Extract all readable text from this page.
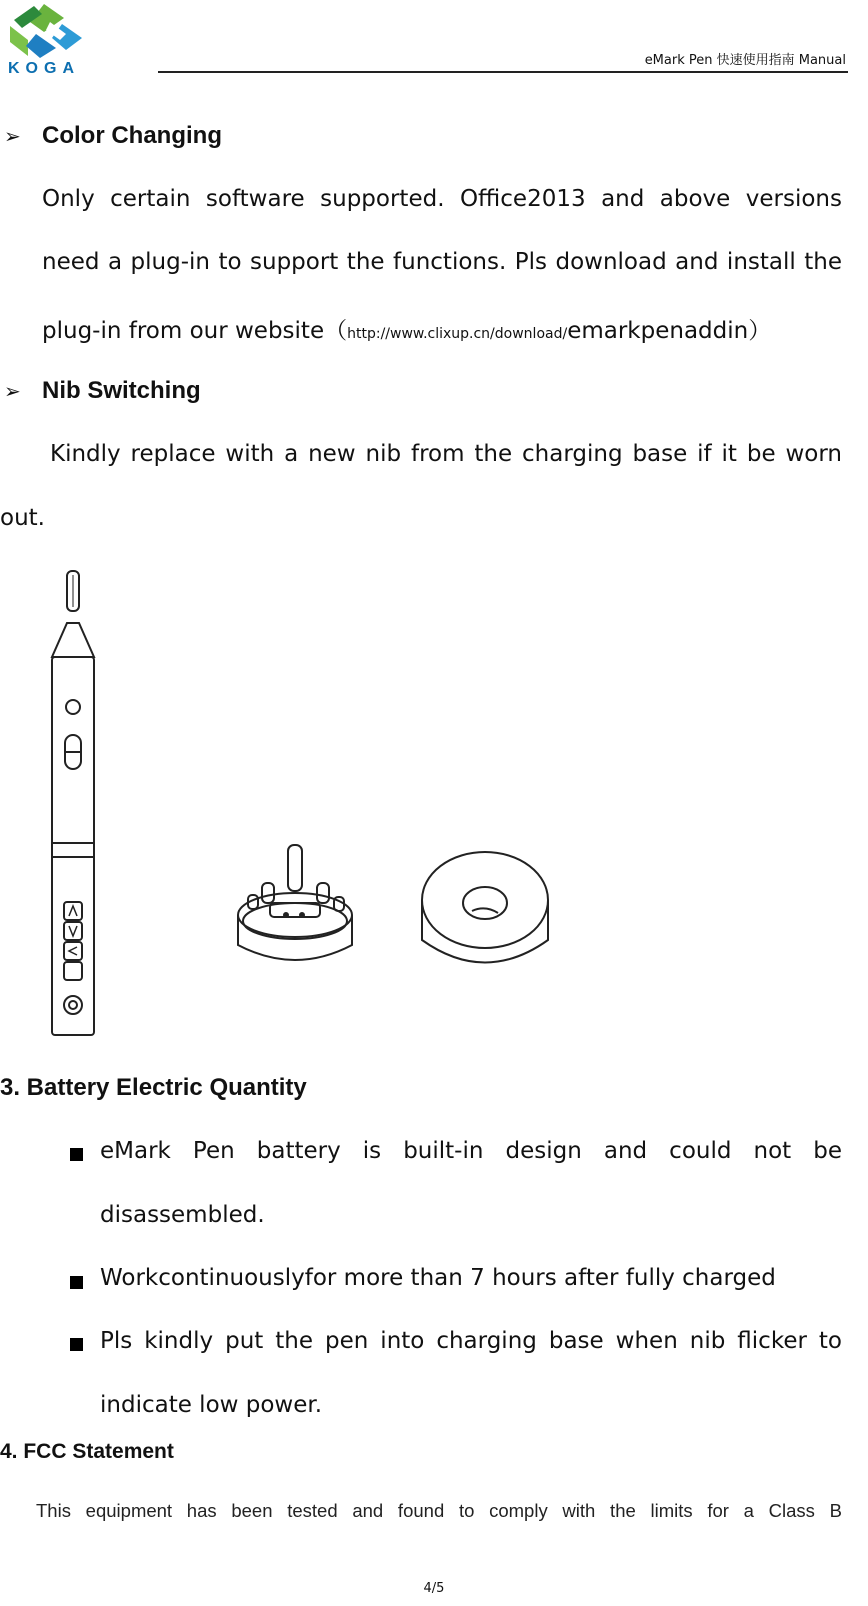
KOGA	eMark Pen 快速使用指南 Manual
➢ Color Changing
Only certain software supported. Office2013 and above versions
need a plug-in to support the functions. Pls download and install the
plug-in from our website（http://www.clixup.cn/download/emarkpenaddin）
➢ Nib Switching
Kindly replace with a new nib from the charging base if it be worn
out.
3. Battery Electric Quantity
eMark Pen battery is built-in design and could not be
disassembled.
Workcontinuouslyfor more than 7 hours after fully charged
Pls kindly put the pen into charging base when nib flicker to
indicate low power.
4. FCC Statement
This equipment has been tested and found to comply with the limits for a Class B
4/5
